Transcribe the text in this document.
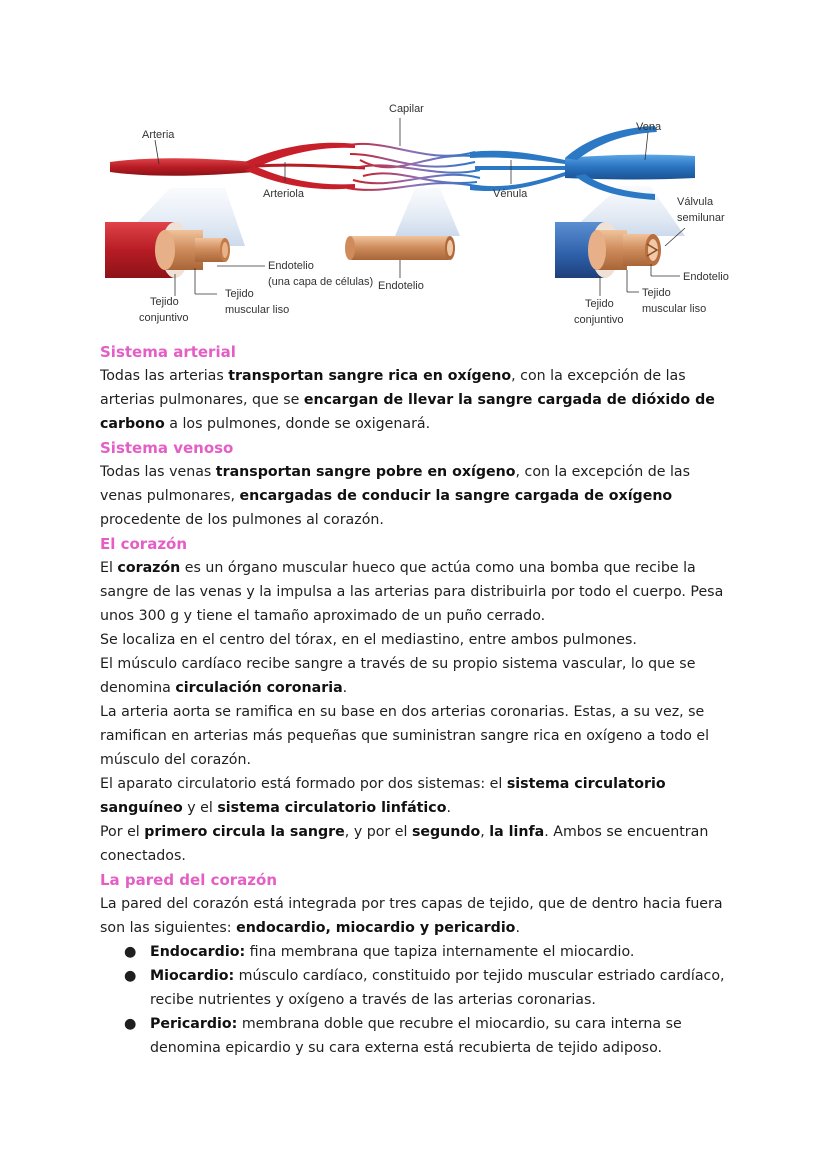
Capilar
Arteria
Vena
Arteriola	Vénula
Válvula
semilunar
Endotelio
(una capa de células) Endotelio
Endotelio
Tejido
muscular liso
Tejido
conjuntivo
Tejido
conjuntivo
Tejido
muscular liso
Sistema arterial

Todas las arterias transportan sangre rica en oxígeno, con la excepción de las arterias pulmonares, que se encargan de llevar la sangre cargada de dióxido de carbono a los pulmones, donde se oxigenará.

Sistema venoso

Todas las venas transportan sangre pobre en oxígeno, con la excepción de las venas pulmonares, encargadas de conducir la sangre cargada de oxígeno procedente de los pulmones al corazón.

El corazón

El corazón es un órgano muscular hueco que actúa como una bomba que recibe la sangre de las venas y la impulsa a las arterias para distribuirla por todo el cuerpo. Pesa unos 300 g y tiene el tamaño aproximado de un puño cerrado.

Se localiza en el centro del tórax, en el mediastino, entre ambos pulmones.

El músculo cardíaco recibe sangre a través de su propio sistema vascular, lo que se denomina circulación coronaria.

La arteria aorta se ramifica en su base en dos arterias coronarias. Estas, a su vez, se ramifican en arterias más pequeñas que suministran sangre rica en oxígeno a todo el músculo del corazón.

El aparato circulatorio está formado por dos sistemas: el sistema circulatorio sanguíneo y el sistema circulatorio linfático.

Por el primero circula la sangre, y por el segundo, la linfa. Ambos se encuentran conectados.

La pared del corazón

La pared del corazón está integrada por tres capas de tejido, que de dentro hacia fuera son las siguientes: endocardio, miocardio y pericardio.

● Endocardio: fina membrana que tapiza internamente el miocardio.
● Miocardio: músculo cardíaco, constituido por tejido muscular estriado cardíaco, recibe nutrientes y oxígeno a través de las arterias coronarias.
● Pericardio: membrana doble que recubre el miocardio, su cara interna se denomina epicardio y su cara externa está recubierta de tejido adiposo.
